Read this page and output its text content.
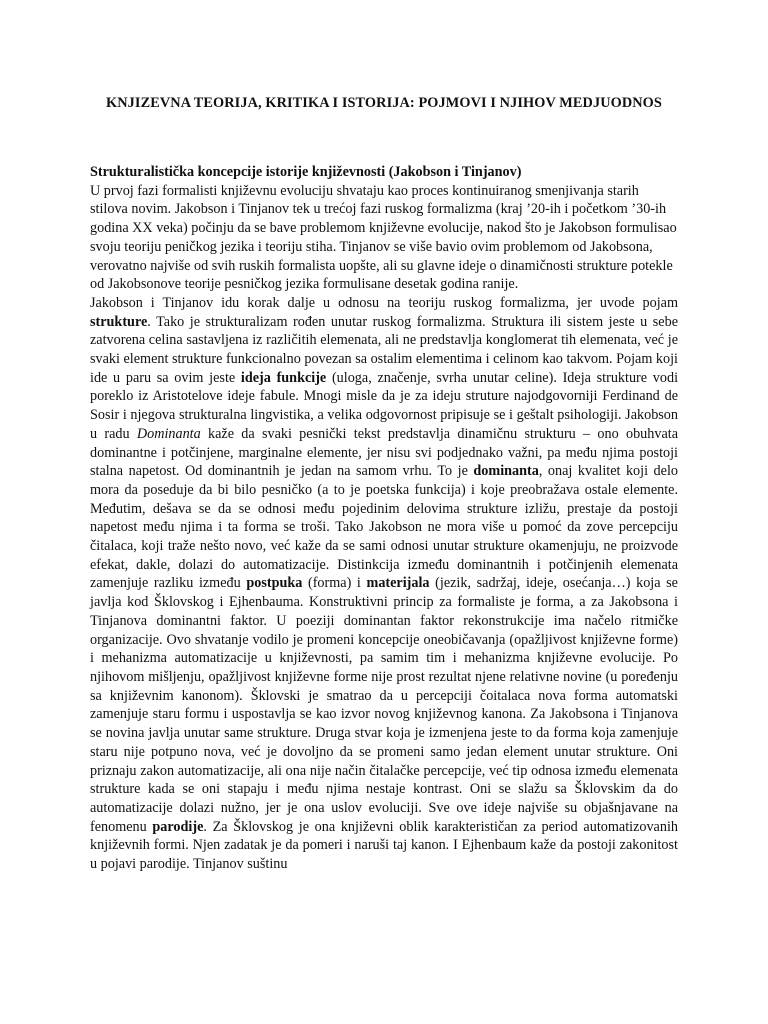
KNJIZEVNA TEORIJA, KRITIKA I ISTORIJA: POJMOVI I NJIHOV MEDJUODNOS

Strukturalistička koncepcije istorije književnosti (Jakobson i Tinjanov)

U prvoj fazi formalisti književnu evoluciju shvataju kao proces kontinuiranog smenjivanja starih stilova novim. Jakobson i Tinjanov tek u trećoj fazi ruskog formalizma (kraj ’20-ih i početkom ’30-ih godina XX veka) počinju da se bave problemom književne evolucije, nakod što je Jakobson formulisao svoju teoriju peničkog jezika i teoriju stiha. Tinjanov se više bavio ovim problemom od Jakobsona, verovatno najviše od svih ruskih formalista uopšte, ali su glavne ideje o dinamičnosti strukture potekle od Jakobsonove teorije pesničkog jezika formulisane desetak godina ranije.

Jakobson i Tinjanov idu korak dalje u odnosu na teoriju ruskog formalizma, jer uvode pojam strukture. Tako je strukturalizam rođen unutar ruskog formalizma. Struktura ili sistem jeste u sebe zatvorena celina sastavljena iz različitih elemenata, ali ne predstavlja konglomerat tih elemenata, već je svaki element strukture funkcionalno povezan sa ostalim elementima i celinom kao takvom. Pojam koji ide u paru sa ovim jeste ideja funkcije (uloga, značenje, svrha unutar celine). Ideja strukture vodi poreklo iz Aristotelove ideje fabule. Mnogi misle da je za ideju struture najodgovorniji Ferdinand de Sosir i njegova strukturalna lingvistika, a velika odgovornost pripisuje se i geštalt psihologiji. Jakobson u radu Dominanta kaže da svaki pesnički tekst predstavlja dinamičnu strukturu – ono obuhvata dominantne i potčinjene, marginalne elemente, jer nisu svi podjednako važni, pa među njima postoji stalna napetost. Od dominantnih je jedan na samom vrhu. To je dominanta, onaj kvalitet koji delo mora da poseduje da bi bilo pesničko (a to je poetska funkcija) i koje preobražava ostale elemente. Međutim, dešava se da se odnosi među pojedinim delovima strukture izližu, prestaje da postoji napetost među njima i ta forma se troši. Tako Jakobson ne mora više u pomoć da zove percepciju čitalaca, koji traže nešto novo, već kaže da se sami odnosi unutar strukture okamenjuju, ne proizvode efekat, dakle, dolazi do automatizacije. Distinkcija između dominantnih i potčinjenih elemenata zamenjuje razliku između postpuka (forma) i materijala (jezik, sadržaj, ideje, osećanja…) koja se javlja kod Šklovskog i Ejhenbauma. Konstruktivni princip za formaliste je forma, a za Jakobsona i Tinjanova dominantni faktor. U poeziji dominantan faktor rekonstrukcije ima načelo ritmičke organizacije. Ovo shvatanje vodilo je promeni koncepcije oneobičavanja (opažljivost književne forme) i mehanizma automatizacije u književnosti, pa samim tim i mehanizma književne evolucije. Po njihovom mišljenju, opažljivost književne forme nije prost rezultat njene relativne novine (u poređenju sa književnim kanonom). Šklovski je smatrao da u percepciji čoitalaca nova forma automatski zamenjuje staru formu i uspostavlja se kao izvor novog književnog kanona. Za Jakobsona i Tinjanova se novina javlja unutar same strukture. Druga stvar koja je izmenjena jeste to da forma koja zamenjuje staru nije potpuno nova, već je dovoljno da se promeni samo jedan element unutar strukture. Oni priznaju zakon automatizacije, ali ona nije način čitalačke percepcije, već tip odnosa između elemenata strukture kada se oni stapaju i među njima nestaje kontrast. Oni se slažu sa Šklovskim da do automatizacije dolazi nužno, jer je ona uslov evoluciji. Sve ove ideje najviše su objašnjavane na fenomenu parodije. Za Šklovskog je ona književni oblik karakterističan za period automatizovanih književnih formi. Njen zadatak je da pomeri i naruši taj kanon. I Ejhenbaum kaže da postoji zakonitost u pojavi parodije. Tinjanov suštinu
